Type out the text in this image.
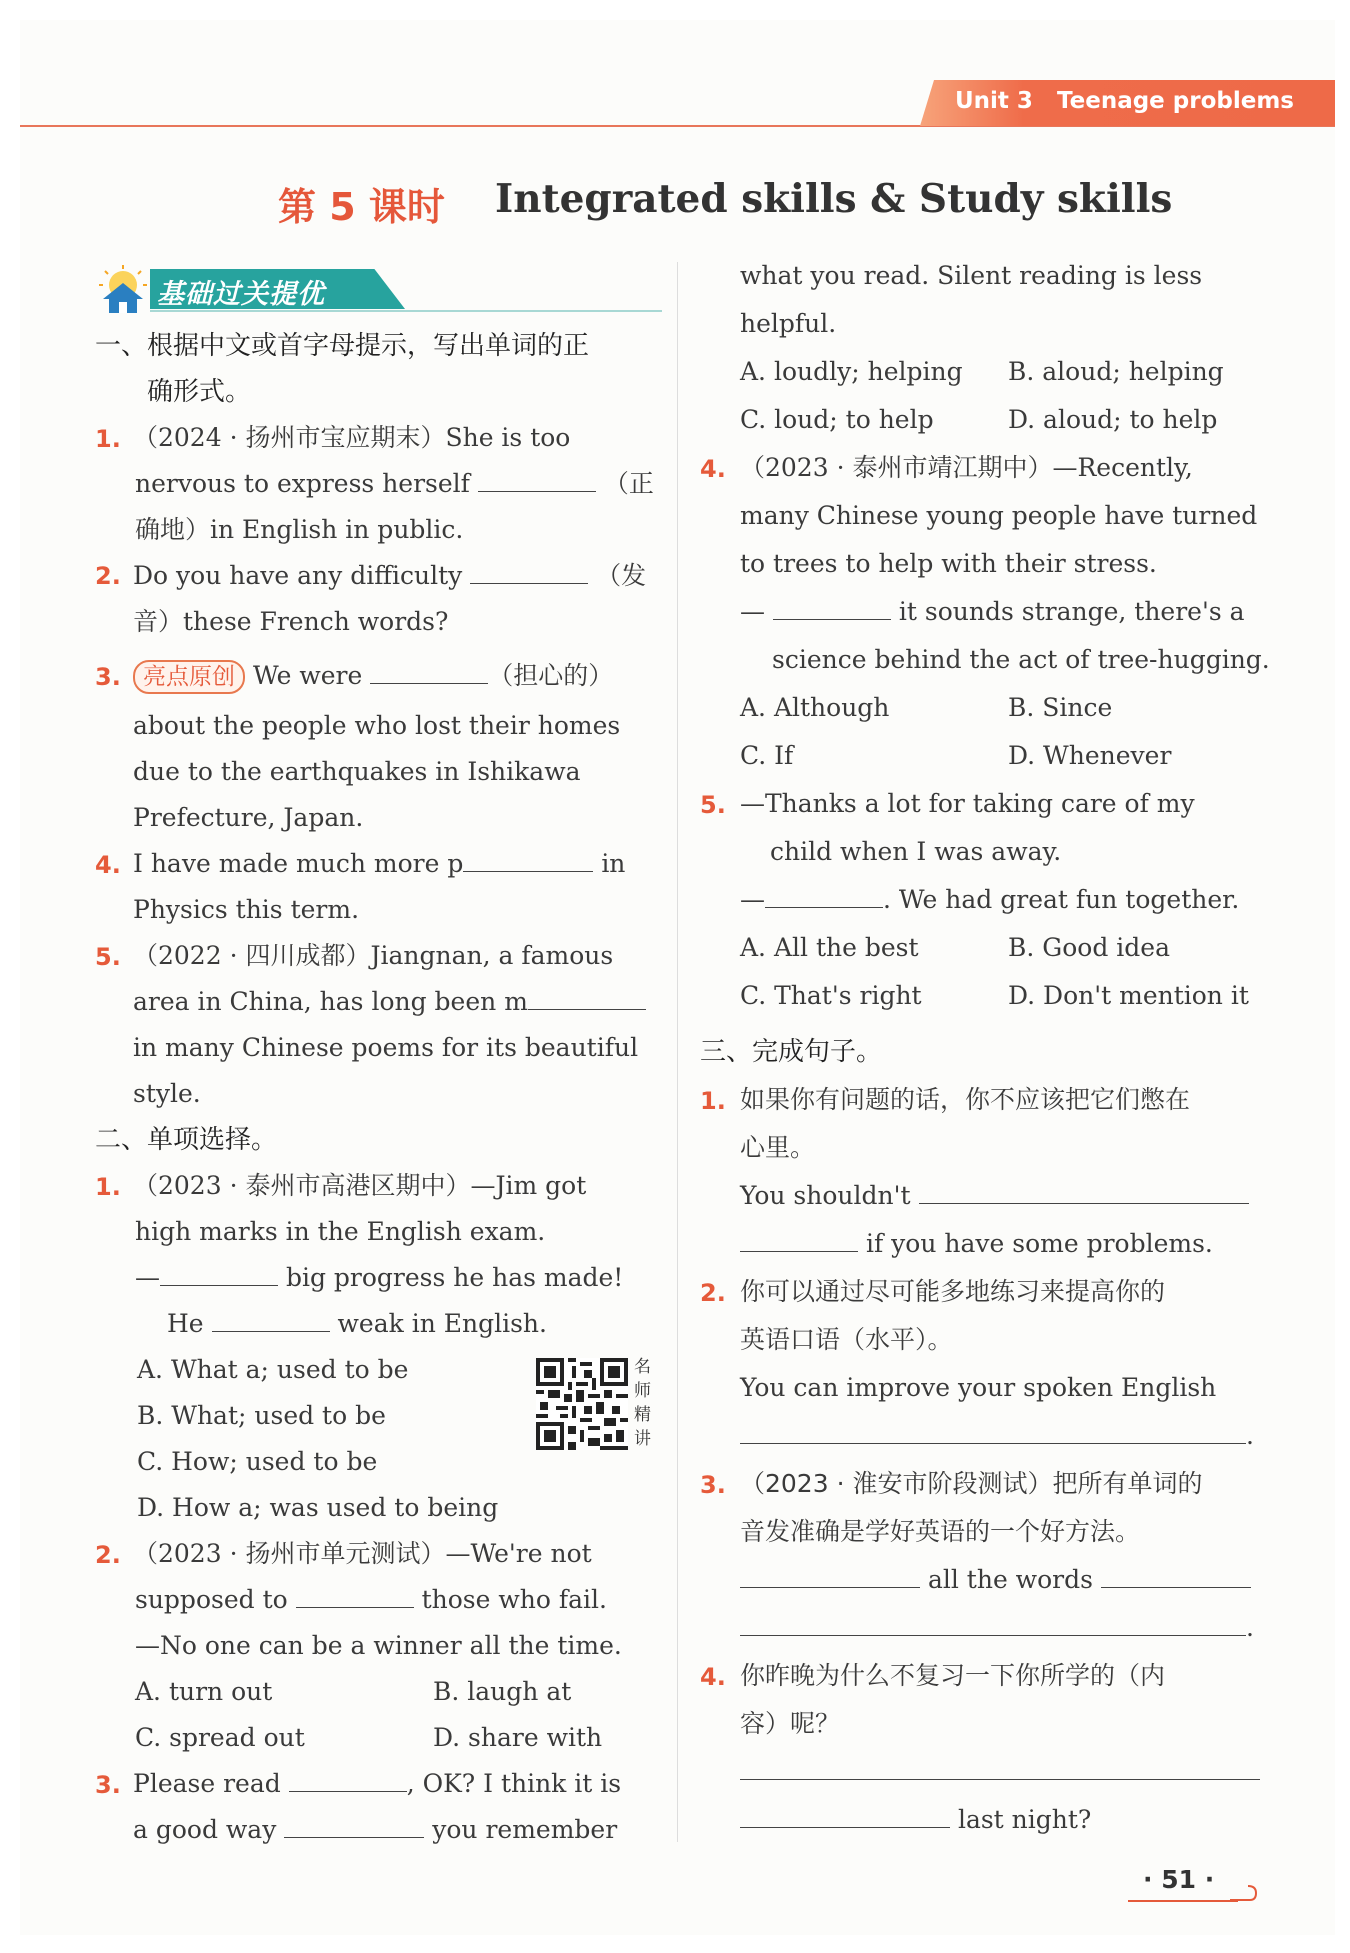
Unit 3 Teenage problems
第 5 课时 Integrated skills & Study skills
基础过关提优
一、根据中文或首字母提示，写出单词的正
确形式。
1. （2024 · 扬州市宝应期末）She is too
nervous to express herself	（正
确地）in English in public.
2. Do you have any difficulty	（发
音）these French words?
3. 亮点原创 We were	（担心的）
about the people who lost their homes
due to the earthquakes in Ishikawa
Prefecture, Japan.
4. I have made much more p	in
Physics this term.
5. （2022 · 四川成都）Jiangnan, a famous
area in China, has long been m
in many Chinese poems for its beautiful
style.
二、单项选择。
1. （2023 · 泰州市高港区期中）—Jim got
high marks in the English exam.
—	big progress he has made!
He	weak in English.
A. What a; used to be
B. What; used to be
C. How; used to be
D. How a; was used to being
名师精讲
2. （2023 · 扬州市单元测试）—We're not
supposed to	those who fail.
—No one can be a winner all the time.
A. turn out	B. laugh at
C. spread out	D. share with
3. Please read	, OK? I think it is
a good way	you remember
what you read. Silent reading is less
helpful.
A. loudly; helping B. aloud; helping
C. loud; to help	D. aloud; to help
4. （2023 · 泰州市靖江期中）—Recently,
many Chinese young people have turned
to trees to help with their stress.
—	it sounds strange, there's a
science behind the act of tree-hugging.
A. Although	B. Since
C. If	D. Whenever
5. —Thanks a lot for taking care of my
child when I was away.
—	. We had great fun together.
A. All the best	B. Good idea
C. That's right	D. Don't mention it
三、完成句子。
1. 如果你有问题的话，你不应该把它们憋在
心里。
You shouldn't
if you have some problems.
2. 你可以通过尽可能多地练习来提高你的
英语口语（水平）。
You can improve your spoken English
.
3. （2023 · 淮安市阶段测试）把所有单词的
音发准确是学好英语的一个好方法。
all the words
.
4. 你昨晚为什么不复习一下你所学的（内
容）呢？
last night?
· 51 ·
